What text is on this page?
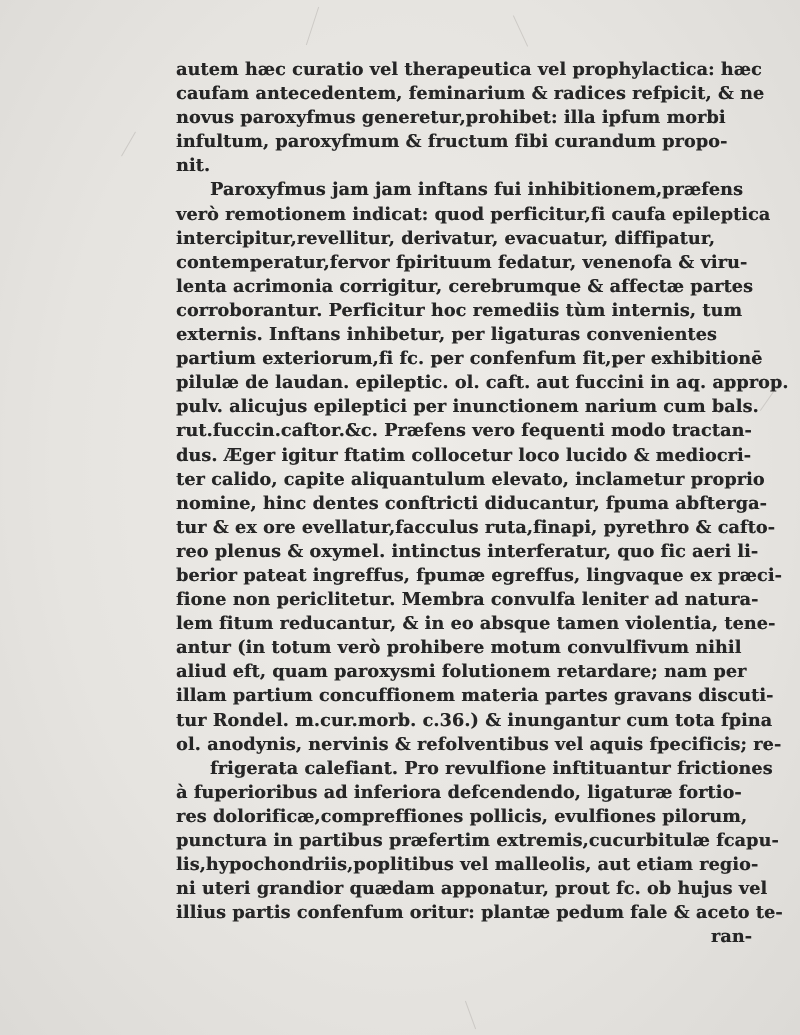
autem hæc curatio vel therapeutica vel prophylactica: hæc
caufam antecedentem, feminarium & radices refpicit, & ne
novus paroxyfmus generetur,prohibet: illa ipfum morbi
infultum, paroxyfmum & fructum fibi curandum propo-
nit.
Paroxyfmus jam jam inftans fui inhibitionem,præfens
verò remotionem indicat: quod perficitur,fi caufa epileptica
intercipitur,revellitur, derivatur, evacuatur, diffipatur,
contemperatur,fervor fpirituum fedatur, venenofa & viru-
lenta acrimonia corrigitur, cerebrumque & affectæ partes
corroborantur. Perficitur hoc remediis tùm internis, tum
externis. Inftans inhibetur, per ligaturas convenientes
partium exteriorum,fi fc. per confenfum fit,per exhibitionē
pilulæ de laudan. epileptic. ol. caft. aut fuccini in aq. approp.
pulv. alicujus epileptici per inunctionem narium cum bals.
rut.fuccin.caftor.&c. Præfens vero fequenti modo tractan-
dus. Æger igitur ftatim collocetur loco lucido & mediocri-
ter calido, capite aliquantulum elevato, inclametur proprio
nomine, hinc dentes conftricti diducantur, fpuma abfterga-
tur & ex ore evellatur,facculus ruta,finapi, pyrethro & cafto-
reo plenus & oxymel. intinctus interferatur, quo fic aeri li-
berior pateat ingreffus, fpumæ egreffus, lingvaque ex præci-
fione non periclitetur. Membra convulfa leniter ad natura-
lem fitum reducantur, & in eo absque tamen violentia, tene-
antur (in totum verò prohibere motum convulfivum nihil
aliud eft, quam paroxysmi folutionem retardare; nam per
illam partium concuffionem materia partes gravans discuti-
tur Rondel. m.cur.morb. c.36.) & inungantur cum tota fpina
ol. anodynis, nervinis & refolventibus vel aquis fpecificis; re-
frigerata calefiant. Pro revulfione inftituantur frictiones
à fuperioribus ad inferiora defcendendo, ligaturæ fortio-
res dolorificæ,compreffiones pollicis, evulfiones pilorum,
punctura in partibus præfertim extremis,cucurbitulæ fcapu-
lis,hypochondriis,poplitibus vel malleolis, aut etiam regio-
ni uteri grandior quædam apponatur, prout fc. ob hujus vel
illius partis confenfum oritur: plantæ pedum fale & aceto te-
ran-
